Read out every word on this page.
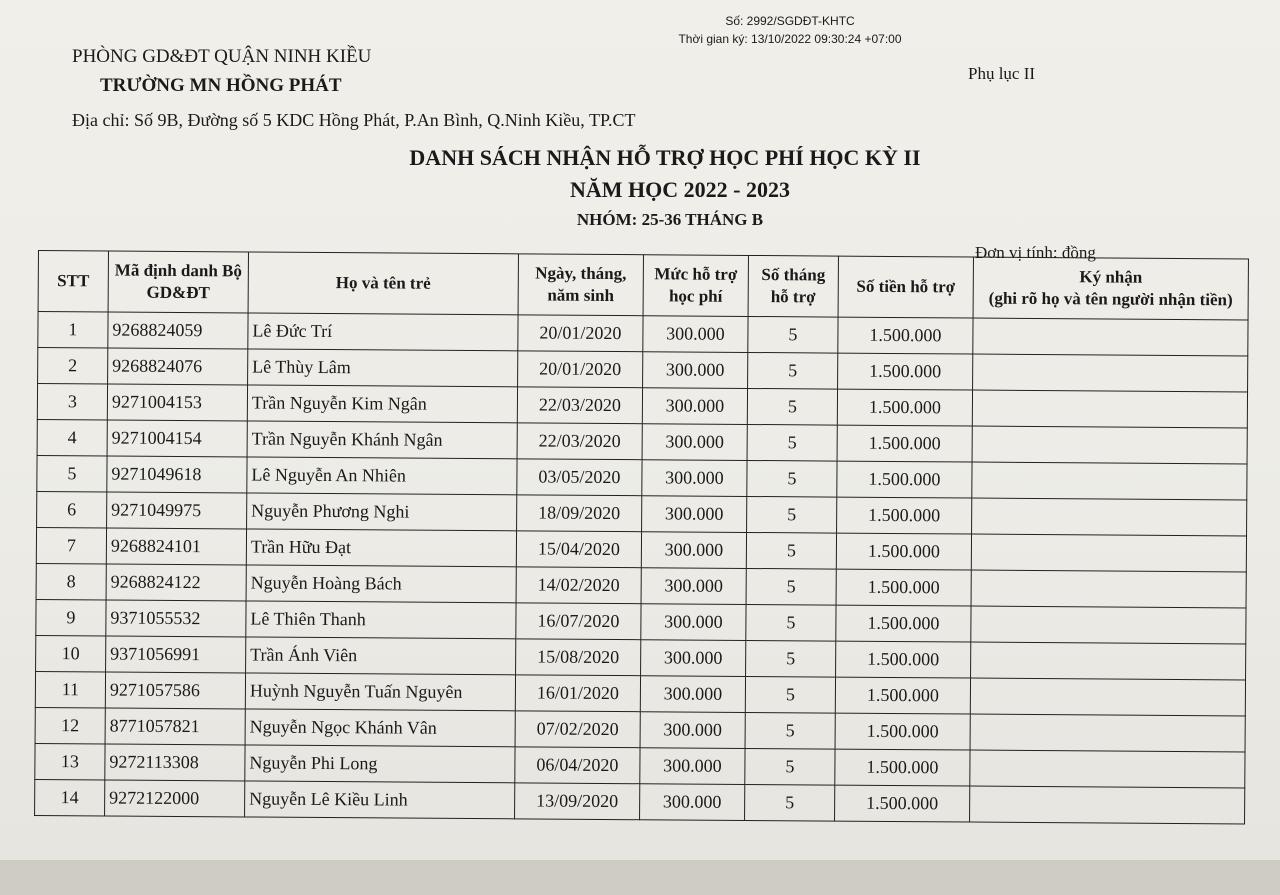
Số: 2992/SGDĐT-KHTC
Thời gian ký: 13/10/2022 09:30:24 +07:00
PHÒNG GD&ĐT QUẬN NINH KIỀU
TRƯỜNG MN HỒNG PHÁT
Địa chỉ: Số 9B, Đường số 5 KDC Hồng Phát, P.An Bình, Q.Ninh Kiều, TP.CT
Phụ lục II
DANH SÁCH NHẬN HỖ TRỢ HỌC PHÍ HỌC KỲ II
NĂM HỌC 2022 - 2023
NHÓM: 25-36 THÁNG B
Đơn vị tính: đồng
STT	Mã định danh Bộ GD&ĐT	Họ và tên trẻ	Ngày, tháng, năm sinh	Mức hỗ trợ học phí	Số tháng hỗ trợ	Số tiền hỗ trợ	Ký nhận
(ghi rõ họ và tên người nhận tiền)

1	9268824059	Lê Đức Trí	20/01/2020	300.000	5	1.500.000	
2	9268824076	Lê Thùy Lâm	20/01/2020	300.000	5	1.500.000	
3	9271004153	Trần Nguyễn Kim Ngân	22/03/2020	300.000	5	1.500.000	
4	9271004154	Trần Nguyễn Khánh Ngân	22/03/2020	300.000	5	1.500.000	
5	9271049618	Lê Nguyễn An Nhiên	03/05/2020	300.000	5	1.500.000	
6	9271049975	Nguyễn Phương Nghi	18/09/2020	300.000	5	1.500.000	
7	9268824101	Trần Hữu Đạt	15/04/2020	300.000	5	1.500.000	
8	9268824122	Nguyễn Hoàng Bách	14/02/2020	300.000	5	1.500.000	
9	9371055532	Lê Thiên Thanh	16/07/2020	300.000	5	1.500.000	
10	9371056991	Trần Ánh Viên	15/08/2020	300.000	5	1.500.000	
11	9271057586	Huỳnh Nguyễn Tuấn Nguyên	16/01/2020	300.000	5	1.500.000	
12	8771057821	Nguyễn Ngọc Khánh Vân	07/02/2020	300.000	5	1.500.000	
13	9272113308	Nguyễn Phi Long	06/04/2020	300.000	5	1.500.000	
14	9272122000	Nguyễn Lê Kiều Linh	13/09/2020	300.000	5	1.500.000	
